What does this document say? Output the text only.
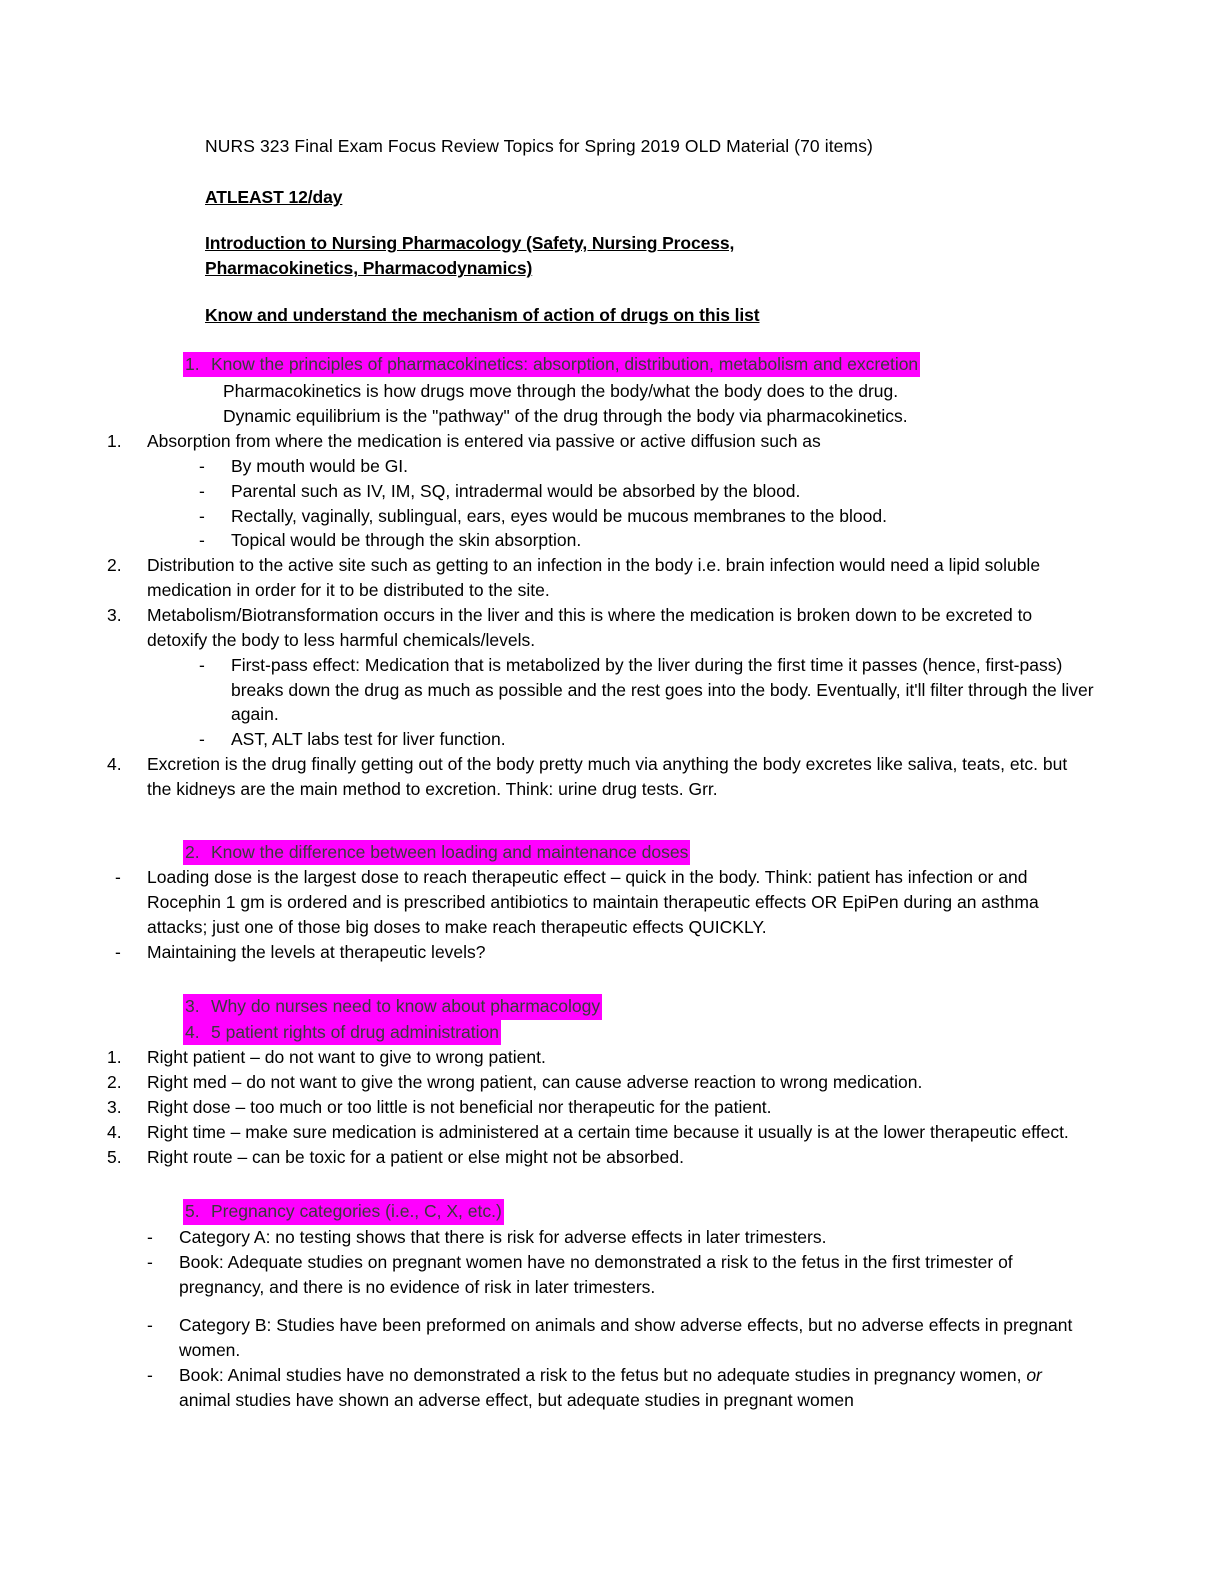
NURS 323 Final Exam Focus Review Topics for Spring 2019 OLD Material (70 items)
ATLEAST 12/day
Introduction to Nursing Pharmacology (Safety, Nursing Process,
Pharmacokinetics, Pharmacodynamics)
Know and understand the mechanism of action of drugs on this list
1. Know the principles of pharmacokinetics: absorption, distribution, metabolism and excretion
Pharmacokinetics is how drugs move through the body/what the body does to the drug.
Dynamic equilibrium is the "pathway" of the drug through the body via pharmacokinetics.
1.	Absorption from where the medication is entered via passive or active diffusion such as
- By mouth would be GI.
- Parental such as IV, IM, SQ, intradermal would be absorbed by the blood.
- Rectally, vaginally, sublingual, ears, eyes would be mucous membranes to the blood.
- Topical would be through the skin absorption.
2.	Distribution to the active site such as getting to an infection in the body i.e. brain infection would need a lipid soluble medication in order for it to be distributed to the site.
3.	Metabolism/Biotransformation occurs in the liver and this is where the medication is broken down to be excreted to detoxify the body to less harmful chemicals/levels.
- First-pass effect: Medication that is metabolized by the liver during the first time it passes (hence, first-pass) breaks down the drug as much as possible and the rest goes into the body. Eventually, it'll filter through the liver again.
- AST, ALT labs test for liver function.
4.	Excretion is the drug finally getting out of the body pretty much via anything the body excretes like saliva, teats, etc. but the kidneys are the main method to excretion. Think: urine drug tests. Grr.
2. Know the difference between loading and maintenance doses
- Loading dose is the largest dose to reach therapeutic effect – quick in the body. Think: patient has infection or and Rocephin 1 gm is ordered and is prescribed antibiotics to maintain therapeutic effects OR EpiPen during an asthma attacks; just one of those big doses to make reach therapeutic effects QUICKLY.
- Maintaining the levels at therapeutic levels?
3. Why do nurses need to know about pharmacology
4. 5 patient rights of drug administration
1.	Right patient – do not want to give to wrong patient.
2.	Right med – do not want to give the wrong patient, can cause adverse reaction to wrong medication.
3.	Right dose – too much or too little is not beneficial nor therapeutic for the patient.
4.	Right time – make sure medication is administered at a certain time because it usually is at the lower therapeutic effect.
5.	Right route – can be toxic for a patient or else might not be absorbed.
5. Pregnancy categories (i.e., C, X, etc.)
- Category A: no testing shows that there is risk for adverse effects in later trimesters.
- Book: Adequate studies on pregnant women have no demonstrated a risk to the fetus in the first trimester of pregnancy, and there is no evidence of risk in later trimesters.
- Category B: Studies have been preformed on animals and show adverse effects, but no adverse effects in pregnant women.
- Book: Animal studies have no demonstrated a risk to the fetus but no adequate studies in pregnancy women, or animal studies have shown an adverse effect, but adequate studies in pregnant women
